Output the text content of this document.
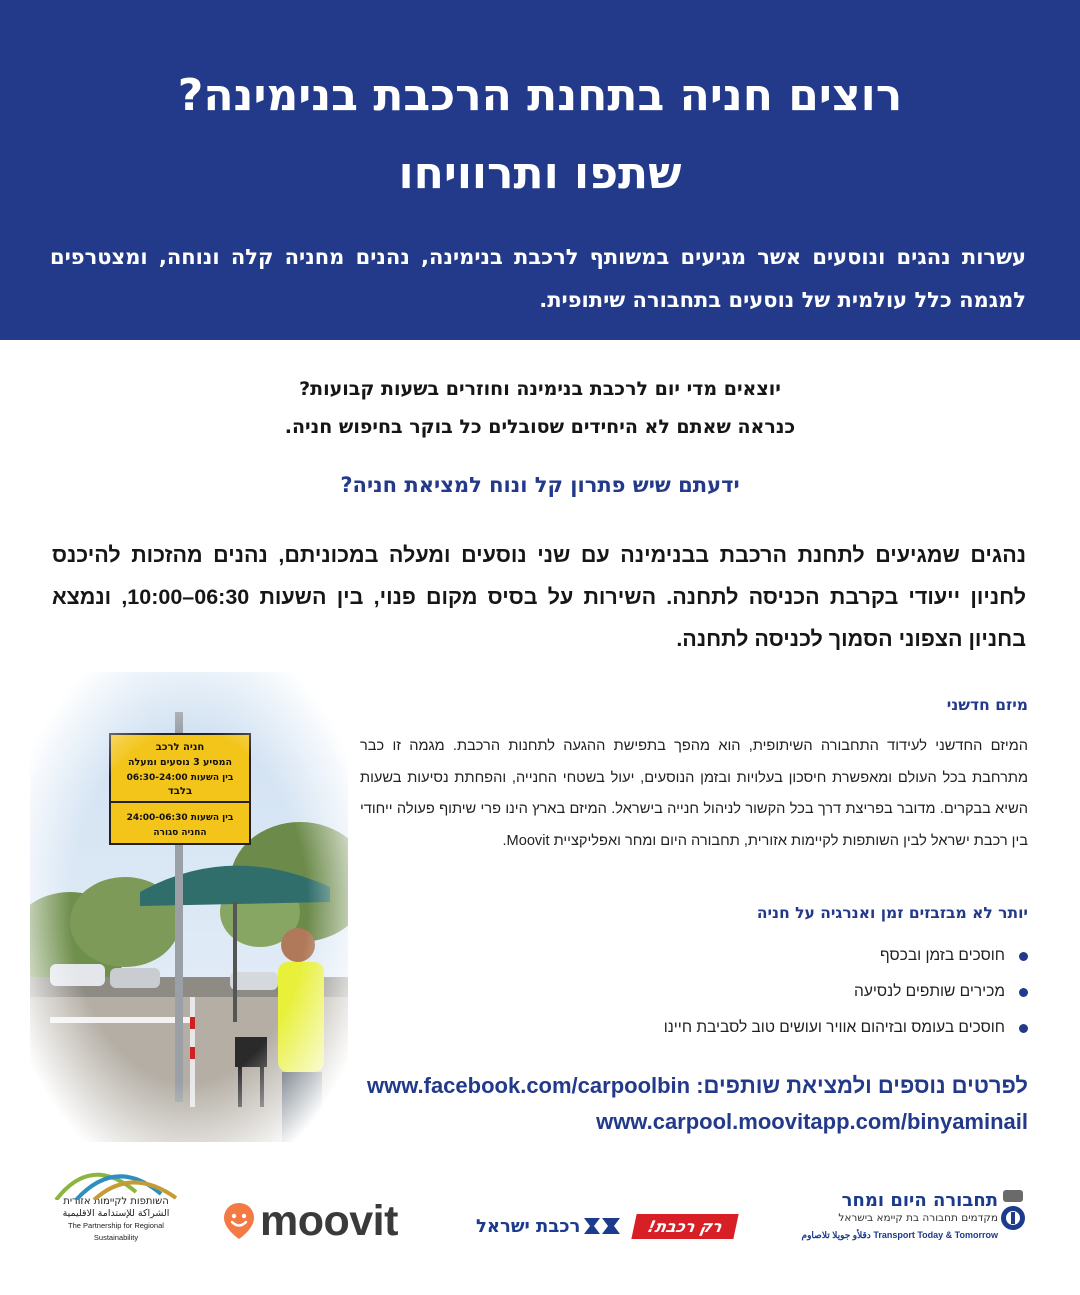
רוצים חניה בתחנת הרכבת בנימינה?
שתפו ותרוויחו
עשרות נהגים ונוסעים אשר מגיעים במשותף לרכבת בנימינה, נהנים מחניה קלה ונוחה, ומצטרפים למגמה כלל עולמית של נוסעים בתחבורה שיתופית.
יוצאים מדי יום לרכבת בנימינה וחוזרים בשעות קבועות?
כנראה שאתם לא היחידים שסובלים כל בוקר בחיפוש חניה.
ידעתם שיש פתרון קל ונוח למציאת חניה?
נהגים שמגיעים לתחנת הרכבת בבנימינה עם שני נוסעים ומעלה במכוניתם, נהנים מהזכות להיכנס לחניון ייעודי בקרבת הכניסה לתחנה. השירות על בסיס מקום פנוי, בין השעות 06:30–10:00, ונמצא בחניון הצפוני הסמוך לכניסה לתחנה.
מיזם חדשני
המיזם החדשני לעידוד התחבורה השיתופית, הוא מהפך בתפישת ההגעה לתחנות הרכבת. מגמה זו כבר מתרחבת בכל העולם ומאפשרת חיסכון בעלויות ובזמן הנוסעים, יעול בשטחי החנייה, והפחתת נסיעות בשעות השיא בבקרים. מדובר בפריצת דרך בכל הקשור לניהול חנייה בישראל. המיזם בארץ הינו פרי שיתוף פעולה ייחודי בין רכבת ישראל לבין השותפות לקיימות אזורית, תחבורה היום ומחר ואפליקציית Moovit.
יותר לא מבזבזים זמן ואנרגיה על חניה
חוסכים בזמן ובכסף
מכירים שותפים לנסיעה
חוסכים בעומס ובזיהום אוויר ועושים טוב לסביבת חיינו
לפרטים נוספים ולמציאת שותפים: www.facebook.com/carpoolbin
www.carpool.moovitapp.com/binyaminail
השותפות לקיימות אזורית
الشراكة للإستدامة الاقليمية
The Partnership for Regional Sustainability	moovit	רכבת ישראל	רק רכבת!
תחבורה היום ומחר
מקדמים תחבורה בת קיימא בישראל
Transport Today & Tomorrow دقلأو جويلا تلاصاوم
